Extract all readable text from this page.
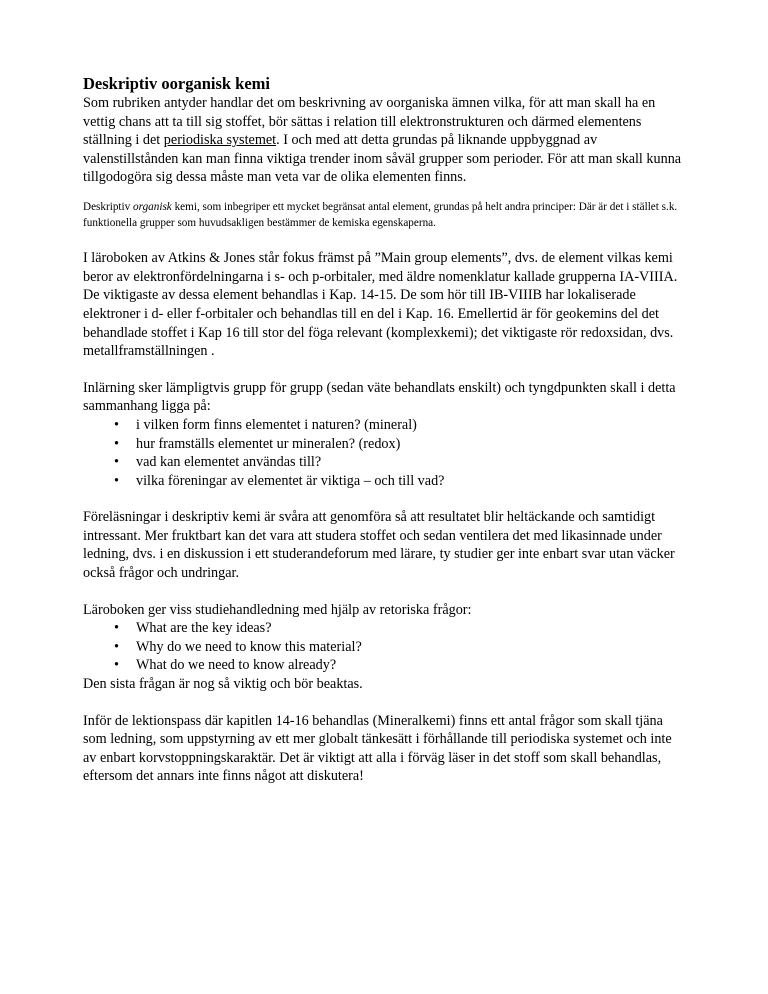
Deskriptiv oorganisk kemi

Som rubriken antyder handlar det om beskrivning av oorganiska ämnen vilka, för att man skall ha en vettig chans att ta till sig stoffet, bör sättas i relation till elektronstrukturen och därmed elementens ställning i det periodiska systemet. I och med att detta grundas på liknande uppbyggnad av valenstillstånden kan man finna viktiga trender inom såväl grupper som perioder. För att man skall kunna tillgodogöra sig dessa måste man veta var de olika elementen finns.

Deskriptiv organisk kemi, som inbegriper ett mycket begränsat antal element, grundas på helt andra principer: Där är det i stället s.k. funktionella grupper som huvudsakligen bestämmer de kemiska egenskaperna.

I läroboken av Atkins & Jones står fokus främst på ”Main group elements”, dvs. de element vilkas kemi beror av elektronfördelningarna i s- och p-orbitaler, med äldre nomenklatur kallade grupperna IA-VIIIA. De viktigaste av dessa element behandlas i Kap. 14-15. De som hör till IB-VIIIB har lokaliserade elektroner i d- eller f-orbitaler och behandlas till en del i Kap. 16. Emellertid är för geokemins del det behandlade stoffet i Kap 16 till stor del föga relevant (komplexkemi); det viktigaste rör redoxsidan, dvs. metallframställningen .

Inlärning sker lämpligtvis grupp för grupp (sedan väte behandlats enskilt) och tyngdpunkten skall i detta sammanhang ligga på:

• i vilken form finns elementet i naturen? (mineral)
• hur framställs elementet ur mineralen? (redox)
• vad kan elementet användas till?
• vilka föreningar av elementet är viktiga – och till vad?

Föreläsningar i deskriptiv kemi är svåra att genomföra så att resultatet blir heltäckande och samtidigt intressant. Mer fruktbart kan det vara att studera stoffet och sedan ventilera det med likasinnade under ledning, dvs. i en diskussion i ett studerandeforum med lärare, ty studier ger inte enbart svar utan väcker också frågor och undringar.

Läroboken ger viss studiehandledning med hjälp av retoriska frågor:

• What are the key ideas?
• Why do we need to know this material?
• What do we need to know already?

Den sista frågan är nog så viktig och bör beaktas.

Inför de lektionspass där kapitlen 14-16 behandlas (Mineralkemi) finns ett antal frågor som skall tjäna som ledning, som uppstyrning av ett mer globalt tänkesätt i förhållande till periodiska systemet och inte av enbart korvstoppningskaraktär. Det är viktigt att alla i förväg läser in det stoff som skall behandlas, eftersom det annars inte finns något att diskutera!
